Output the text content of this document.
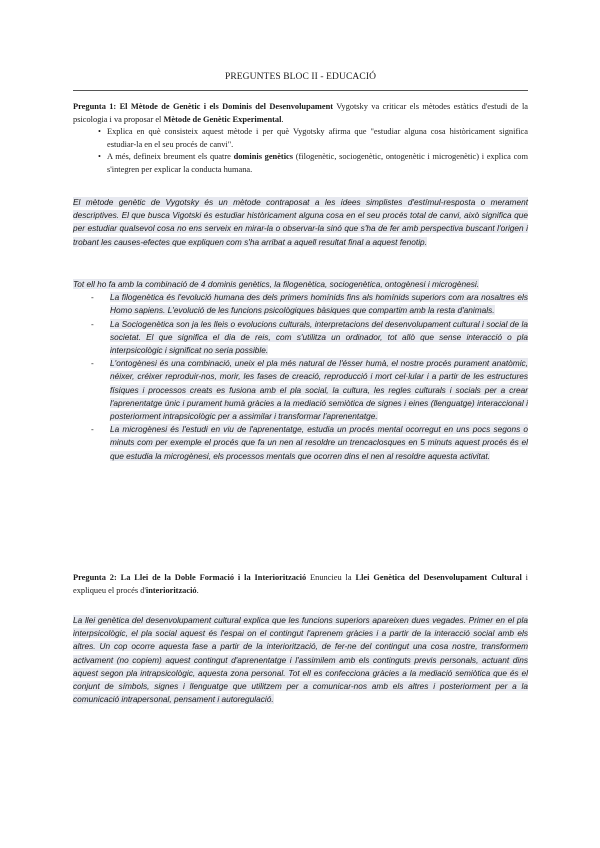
PREGUNTES BLOC II - EDUCACIÓ
Pregunta 1: El Mètode de Genètic i els Dominis del Desenvolupament Vygotsky va criticar els mètodes estàtics d'estudi de la psicologia i va proposar el Mètode de Genètic Experimental.
• Explica en què consisteix aquest mètode i per què Vygotsky afirma que "estudiar alguna cosa històricament significa estudiar-la en el seu procés de canvi".
• A més, defineix breument els quatre dominis genètics (filogenètic, sociogenètic, ontogenètic i microgenètic) i explica com s'integren per explicar la conducta humana.
El mètode genètic de Vygotsky és un mètode contraposat a les idees simplistes d'estímul-resposta o merament descriptives. El que busca Vigotski és estudiar històricament alguna cosa en el seu procés total de canvi, això significa que per estudiar qualsevol cosa no ens serveix en mirar-la o observar-la sinó que s'ha de fer amb perspectiva buscant l'origen i trobant les causes-efectes que expliquen com s'ha arribat a aquell resultat final a aquest fenotip.
Tot ell ho fa amb la combinació de 4 dominis genètics, la filogenètica, sociogenètica, ontogènesi i microgènesi.
- La filogenètica és l'evolució humana des dels primers homínids fins als homínids superiors com ara nosaltres els Homo sapiens. L'evolució de les funcions psicològiques bàsiques que compartim amb la resta d'animals.
- La Sociogenètica son ja les lleis o evolucions culturals, interpretacions del desenvolupament cultural i social de la societat. El que significa el dia de reis, com s'utilitza un ordinador, tot allò que sense interacció o pla interpsicològic i significat no seria possible.
- L'ontogènesi és una combinació, uneix el pla més natural de l'ésser humà, el nostre procés purament anatòmic, néixer, créixer reproduir-nos, morir, les fases de creació, reproducció i mort cel·lular i a partir de les estructures físiques i processos creats es fusiona amb el pla social, la cultura, les regles culturals i socials per a crear l'aprenentatge únic i purament humà gràcies a la mediació semiòtica de signes i eines (llenguatge) interaccional i posteriorment intrapsicològic per a assimilar i transformar l'aprenentatge.
- La microgènesi és l'estudi en viu de l'aprenentatge, estudia un procés mental ocorregut en uns pocs segons o minuts com per exemple el procés que fa un nen al resoldre un trencaclosques en 5 minuts aquest procés és el que estudia la microgènesi, els processos mentals que ocorren dins el nen al resoldre aquesta activitat.
Pregunta 2: La Llei de la Doble Formació i la Interiorització Enuncieu la Llei Genètica del Desenvolupament Cultural i expliqueu el procés d'interiorització.
La llei genètica del desenvolupament cultural explica que les funcions superiors apareixen dues vegades. Primer en el pla interpsicològic, el pla social aquest és l'espai on el contingut l'aprenem gràcies i a partir de la interacció social amb els altres. Un cop ocorre aquesta fase a partir de la interiorització, de fer-ne del contingut una cosa nostre, transformem activament (no copiem) aquest contingut d'aprenentatge i l'assimilem amb els continguts previs personals, actuant dins aquest segon pla intrapsicològic, aquesta zona personal. Tot ell es confecciona gràcies a la mediació semiòtica que és el conjunt de símbols, signes i llenguatge que utilitzem per a comunicar-nos amb els altres i posteriorment per a la comunicació intrapersonal, pensament i autoregulació.
